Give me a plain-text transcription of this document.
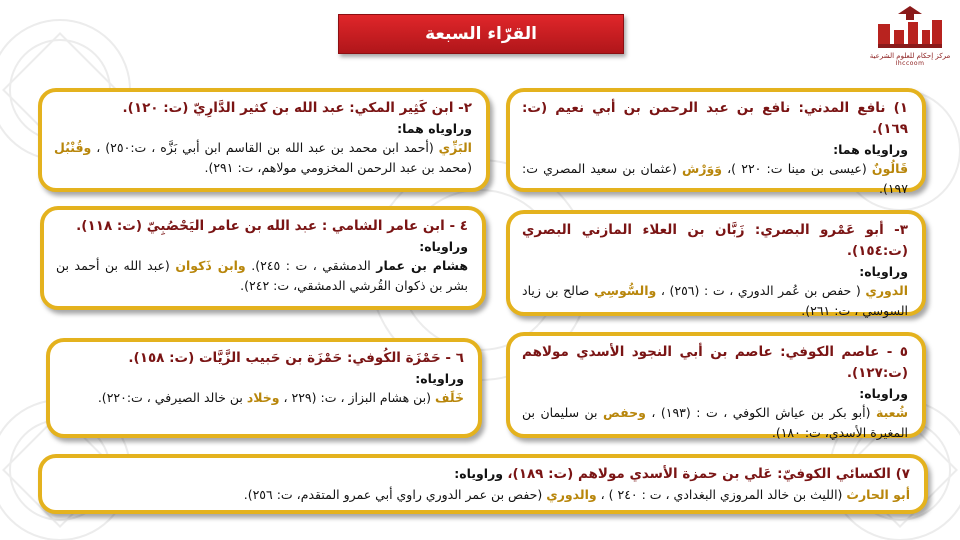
القرّاء السبعة
مركز إحكام للعلوم الشرعية
Ihccoom

١) نافع المدني: نافع بن عبد الرحمن بن أبي نعيم (ت: ١٦٩).

وراوياه هما:

قَالُونٌ (عيسى بن مينا ت: ٢٢٠ )، وَوَرْش (عثمان بن سعيد المصري ت: ١٩٧).

٢- ابن كَثِير المكي: عبد الله بن كثير الدَّارِيّ (ت: ١٢٠).

وراوياه هما:

البَزِّي (أحمد ابن محمد بن عبد الله بن القاسم ابن أبي بَزَّه ، ت:٢٥٠) ، وقُنْبُل (محمد بن عبد الرحمن المخزومي مولاهم، ت: ٢٩١).

٣- أبو عَمْرو البصري: زَبَّان بن العلاء المازني البصري (ت:١٥٤).

وراوياه:

الدوري ( حفص بن عُمر الدوري ، ت : (٢٥٦) ، والسُّوسِي صالح بن زياد السوسي ، ت: ٢٦١).

٤ - ابن عامر الشامي : عبد الله بن عامر اليَحْصُبِيّ (ت: ١١٨).

وراوياه:

هشام بن عمار الدمشقي ، ت : ٢٤٥). وابن ذَكوان (عبد الله بن أحمد بن بشر بن ذكوان القُرشي الدمشقي، ت: ٢٤٢).

٥ - عاصم الكوفي: عاصم بن أبي النجود الأسدي مولاهم (ت:١٢٧).

وراوياه:

شُعبة (أبو بكر بن عياش الكوفي ، ت : (١٩٣) ، وحفص بن سليمان بن المغيرة الأسدي، ت: ١٨٠).

٦ - حَمْزَة الكُوفي: حَمْزَة بن حَبيب الزَّيَّات (ت: ١٥٨).

وراوياه:

خَلَف (بن هشام البزاز ، ت: (٢٢٩ ، وخلاد بن خالد الصيرفي ، ت:٢٢٠).

٧) الكسائي الكوفيّ: عَلي بن حمزة الأسدي مولاهم (ت: ١٨٩)، وراوياه:

أبو الحارث (الليث بن خالد المروزي البغدادي ، ت : ٢٤٠ ) ، والدوري (حفص بن عمر الدوري راوي أبي عمرو المتقدم، ت: ٢٥٦).
